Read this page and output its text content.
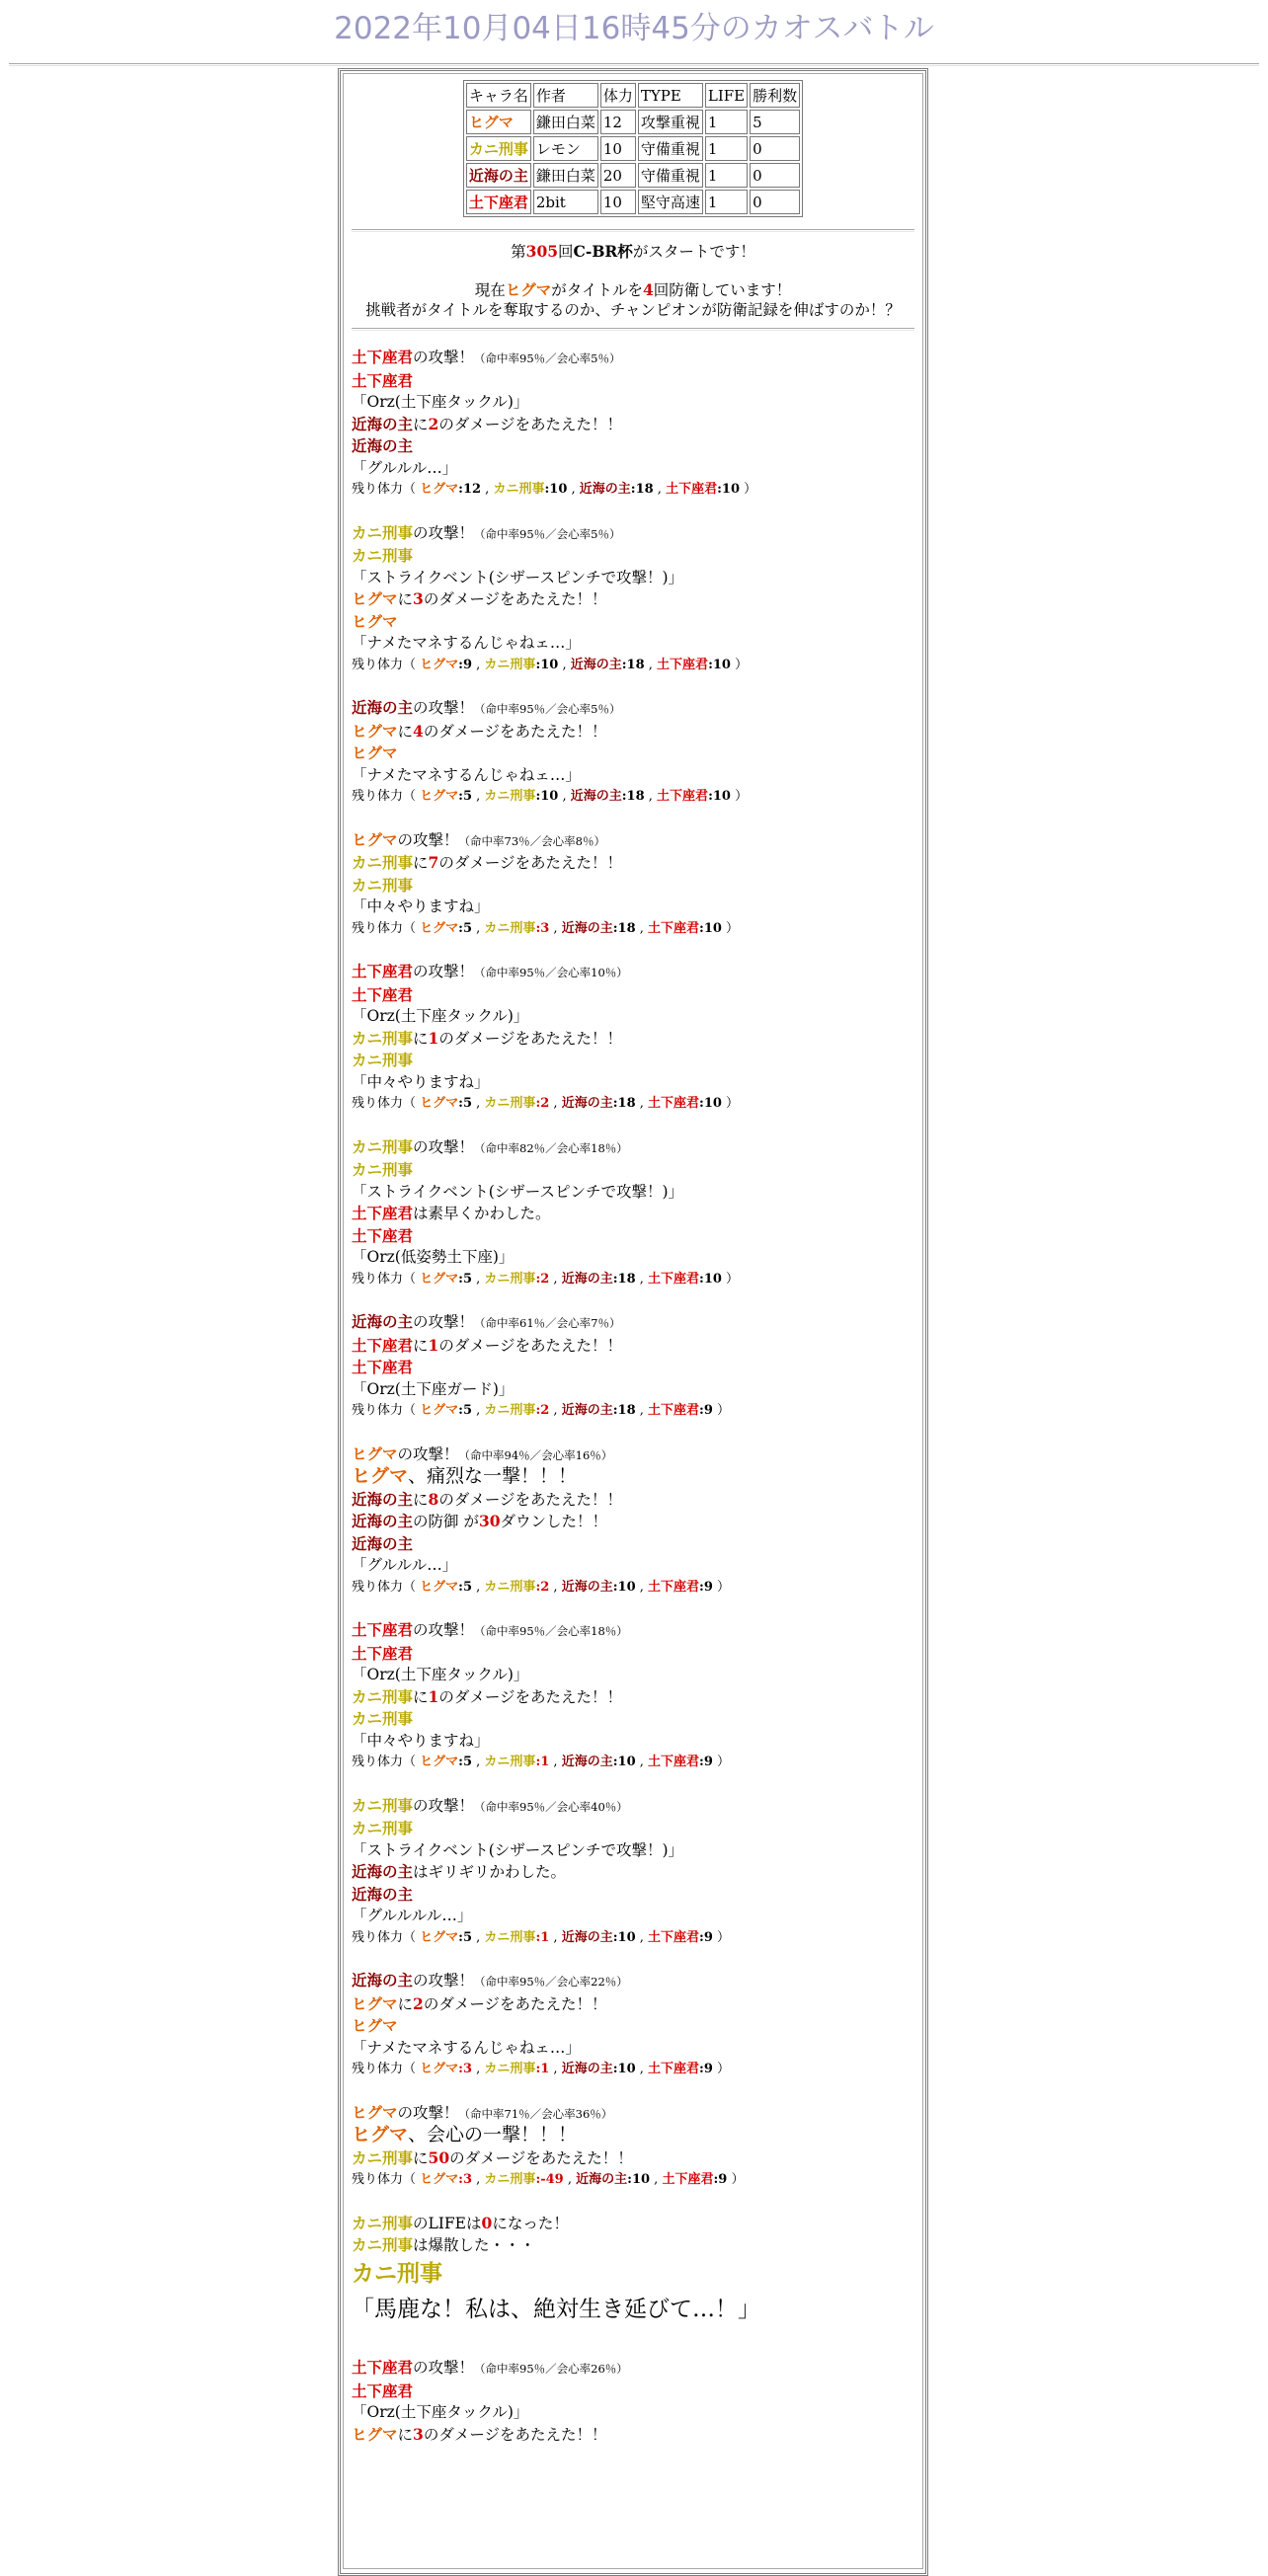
2022年10月04日16時45分のカオスバトル
キャラ名	作者	体力	TYPE	LIFE	勝利数
ヒグマ	鎌田白菜	12	攻撃重視	1	5
カニ刑事	レモン	10	守備重視	1	0
近海の主	鎌田白菜	20	守備重視	1	0
土下座君	2bit	10	堅守高速	1	0
第305回C-BR杯がスタートです！
現在ヒグマがタイトルを4回防衛しています！
挑戦者がタイトルを奪取するのか、チャンピオンが防衛記録を伸ばすのか！？
土下座君の攻撃！（命中率95％／会心率5％）
土下座君
「Orz(土下座タックル)」
近海の主に2のダメージをあたえた！！
近海の主
「グルルル…」
残り体力（ ヒグマ:12 , カニ刑事:10 , 近海の主:18 , 土下座君:10 ）
カニ刑事の攻撃！（命中率95％／会心率5％）
カニ刑事
「ストライクベント(シザースピンチで攻撃！)」
ヒグマに3のダメージをあたえた！！
ヒグマ
「ナメたマネするんじゃねェ…」
残り体力（ ヒグマ:9 , カニ刑事:10 , 近海の主:18 , 土下座君:10 ）
近海の主の攻撃！（命中率95％／会心率5％）
ヒグマに4のダメージをあたえた！！
ヒグマ
「ナメたマネするんじゃねェ…」
残り体力（ ヒグマ:5 , カニ刑事:10 , 近海の主:18 , 土下座君:10 ）
ヒグマの攻撃！（命中率73％／会心率8％）
カニ刑事に7のダメージをあたえた！！
カニ刑事
「中々やりますね」
残り体力（ ヒグマ:5 , カニ刑事:3 , 近海の主:18 , 土下座君:10 ）
土下座君の攻撃！（命中率95％／会心率10％）
土下座君
「Orz(土下座タックル)」
カニ刑事に1のダメージをあたえた！！
カニ刑事
「中々やりますね」
残り体力（ ヒグマ:5 , カニ刑事:2 , 近海の主:18 , 土下座君:10 ）
カニ刑事の攻撃！（命中率82％／会心率18％）
カニ刑事
「ストライクベント(シザースピンチで攻撃！)」
土下座君は素早くかわした。
土下座君
「Orz(低姿勢土下座)」
残り体力（ ヒグマ:5 , カニ刑事:2 , 近海の主:18 , 土下座君:10 ）
近海の主の攻撃！（命中率61％／会心率7％）
土下座君に1のダメージをあたえた！！
土下座君
「Orz(土下座ガード)」
残り体力（ ヒグマ:5 , カニ刑事:2 , 近海の主:18 , 土下座君:9 ）
ヒグマの攻撃！（命中率94％／会心率16％）
ヒグマ、痛烈な一撃！！！
近海の主に8のダメージをあたえた！！
近海の主の防御 が30ダウンした！！
近海の主
「グルルル…」
残り体力（ ヒグマ:5 , カニ刑事:2 , 近海の主:10 , 土下座君:9 ）
土下座君の攻撃！（命中率95％／会心率18％）
土下座君
「Orz(土下座タックル)」
カニ刑事に1のダメージをあたえた！！
カニ刑事
「中々やりますね」
残り体力（ ヒグマ:5 , カニ刑事:1 , 近海の主:10 , 土下座君:9 ）
カニ刑事の攻撃！（命中率95％／会心率40％）
カニ刑事
「ストライクベント(シザースピンチで攻撃！)」
近海の主はギリギリかわした。
近海の主
「グルルルル…」
残り体力（ ヒグマ:5 , カニ刑事:1 , 近海の主:10 , 土下座君:9 ）
近海の主の攻撃！（命中率95％／会心率22％）
ヒグマに2のダメージをあたえた！！
ヒグマ
「ナメたマネするんじゃねェ…」
残り体力（ ヒグマ:3 , カニ刑事:1 , 近海の主:10 , 土下座君:9 ）
ヒグマの攻撃！（命中率71％／会心率36％）
ヒグマ、会心の一撃！！！
カニ刑事に50のダメージをあたえた！！
残り体力（ ヒグマ:3 , カニ刑事:-49 , 近海の主:10 , 土下座君:9 ）
カニ刑事のLIFEは0になった！
カニ刑事は爆散した・・・
カニ刑事
「馬鹿な！私は、絶対生き延びて…！」
土下座君の攻撃！（命中率95％／会心率26％）
土下座君
「Orz(土下座タックル)」
ヒグマに3のダメージをあたえた！！
